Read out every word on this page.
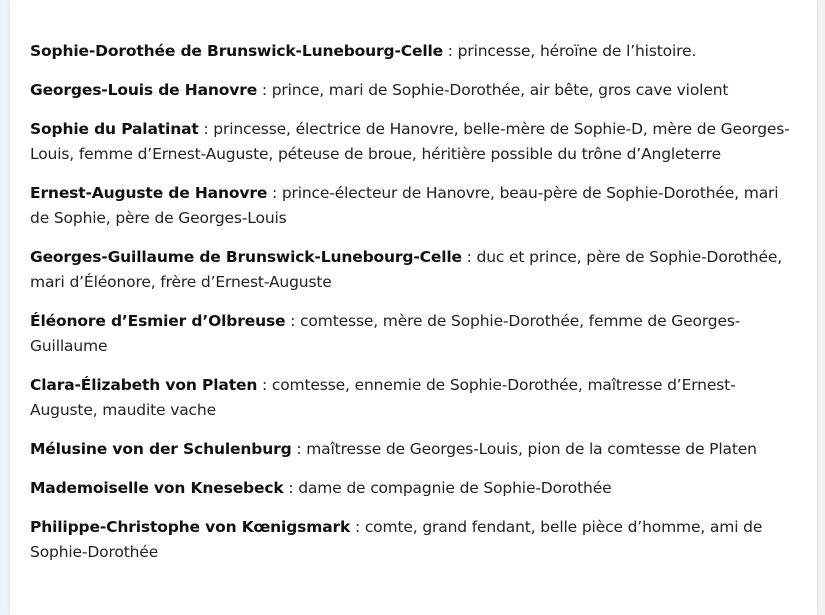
Sophie-Dorothée de Brunswick-Lunebourg-Celle : princesse, héroïne de l’histoire.

Georges-Louis de Hanovre : prince, mari de Sophie-Dorothée, air bête, gros cave violent

Sophie du Palatinat : princesse, électrice de Hanovre, belle-mère de Sophie-D, mère de Georges-Louis, femme d’Ernest-Auguste, péteuse de broue, héritière possible du trône d’Angleterre

Ernest-Auguste de Hanovre : prince-électeur de Hanovre, beau-père de Sophie-Dorothée, mari de Sophie, père de Georges-Louis

Georges-Guillaume de Brunswick-Lunebourg-Celle : duc et prince, père de Sophie-Dorothée, mari d’Éléonore, frère d’Ernest-Auguste

Éléonore d’Esmier d’Olbreuse : comtesse, mère de Sophie-Dorothée, femme de Georges-Guillaume

Clara-Élizabeth von Platen : comtesse, ennemie de Sophie-Dorothée, maîtresse d’Ernest-Auguste, maudite vache

Mélusine von der Schulenburg : maîtresse de Georges-Louis, pion de la comtesse de Platen

Mademoiselle von Knesebeck : dame de compagnie de Sophie-Dorothée

Philippe-Christophe von Kœnigsmark : comte, grand fendant, belle pièce d’homme, ami de Sophie-Dorothée
